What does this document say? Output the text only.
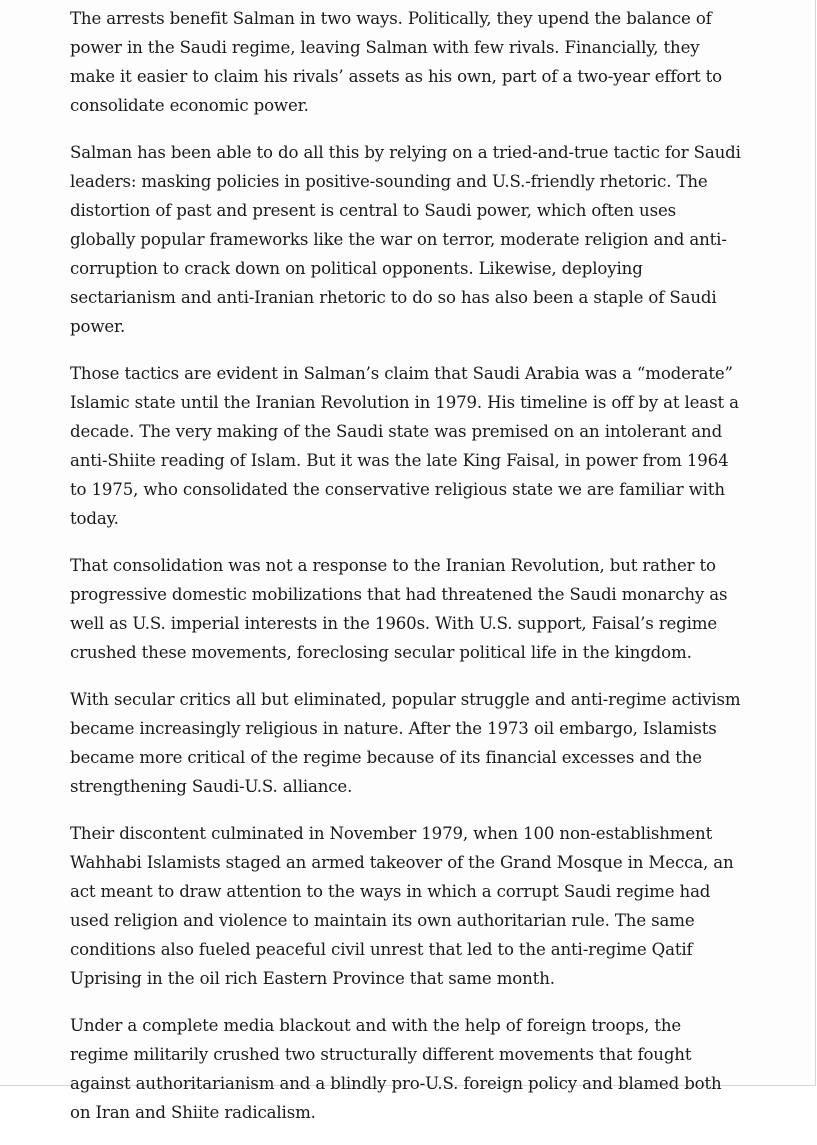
The arrests benefit Salman in two ways. Politically, they upend the balance of power in the Saudi regime, leaving Salman with few rivals. Financially, they make it easier to claim his rivals’ assets as his own, part of a two-year effort to consolidate economic power.

Salman has been able to do all this by relying on a tried-and-true tactic for Saudi leaders: masking policies in positive-sounding and U.S.-friendly rhetoric. The distortion of past and present is central to Saudi power, which often uses globally popular frameworks like the war on terror, moderate religion and anti-corruption to crack down on political opponents. Likewise, deploying sectarianism and anti-Iranian rhetoric to do so has also been a staple of Saudi power.

Those tactics are evident in Salman’s claim that Saudi Arabia was a “moderate” Islamic state until the Iranian Revolution in 1979. His timeline is off by at least a decade. The very making of the Saudi state was premised on an intolerant and anti-Shiite reading of Islam. But it was the late King Faisal, in power from 1964 to 1975, who consolidated the conservative religious state we are familiar with today.

That consolidation was not a response to the Iranian Revolution, but rather to progressive domestic mobilizations that had threatened the Saudi monarchy as well as U.S. imperial interests in the 1960s. With U.S. support, Faisal’s regime crushed these movements, foreclosing secular political life in the kingdom.

With secular critics all but eliminated, popular struggle and anti-regime activism became increasingly religious in nature. After the 1973 oil embargo, Islamists became more critical of the regime because of its financial excesses and the strengthening Saudi-U.S. alliance.

Their discontent culminated in November 1979, when 100 non-establishment Wahhabi Islamists staged an armed takeover of the Grand Mosque in Mecca, an act meant to draw attention to the ways in which a corrupt Saudi regime had used religion and violence to maintain its own authoritarian rule. The same conditions also fueled peaceful civil unrest that led to the anti-regime Qatif Uprising in the oil rich Eastern Province that same month.

Under a complete media blackout and with the help of foreign troops, the regime militarily crushed two structurally different movements that fought against authoritarianism and a blindly pro-U.S. foreign policy and blamed both on Iran and Shiite radicalism.
